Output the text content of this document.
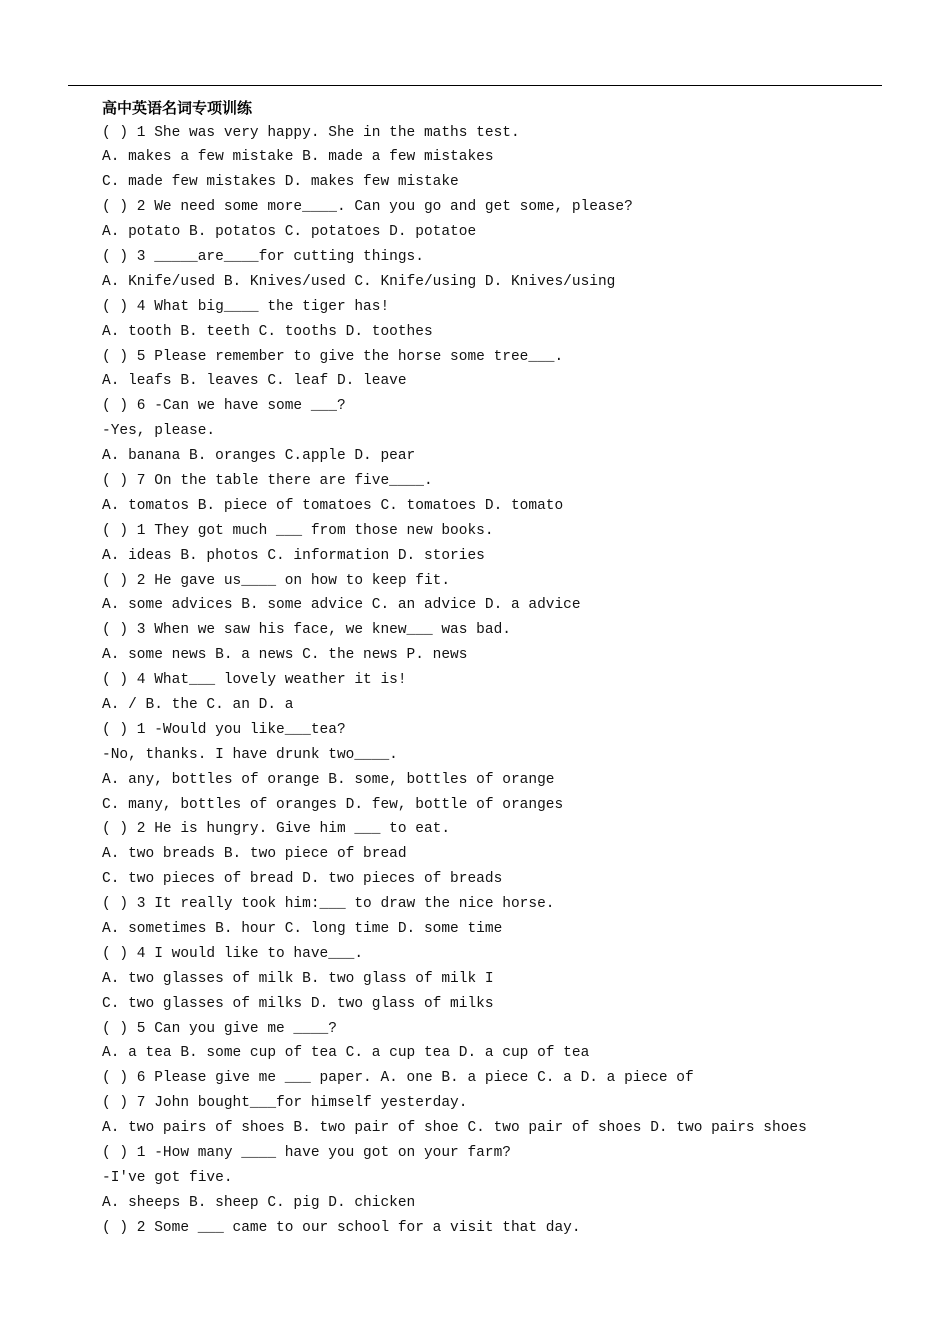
高中英语名词专项训练
( ) 1 She was very happy. She in the maths test.
A. makes a few mistake B. made a few mistakes
C. made few mistakes D. makes few mistake
( ) 2 We need some more____. Can you go and get some, please?
A. potato B. potatos C. potatoes D. potatoe
( ) 3 _____are____for cutting things.
A. Knife/used B. Knives/used C. Knife/using D. Knives/using
( ) 4 What big____ the tiger has!
A. tooth B. teeth C. tooths D. toothes
( ) 5 Please remember to give the horse some tree___.
A. leafs B. leaves C. leaf D. leave
( ) 6 -Can we have some ___?
-Yes, please.
A. banana B. oranges C.apple D. pear
( ) 7 On the table there are five____.
A. tomatos B. piece of tomatoes C. tomatoes D. tomato
( ) 1 They got much ___ from those new books.
A. ideas B. photos C. information D. stories
( ) 2 He gave us____ on how to keep fit.
A. some advices B. some advice C. an advice D. a advice
( ) 3 When we saw his face, we knew___ was bad.
A. some news B. a news C. the news P. news
( ) 4 What___ lovely weather it is!
A. / B. the C. an D. a
( ) 1 -Would you like___tea?
-No, thanks. I have drunk two____.
A. any, bottles of orange B. some, bottles of orange
C. many, bottles of oranges D. few, bottle of oranges
( ) 2 He is hungry. Give him ___ to eat.
A. two breads B. two piece of bread
C. two pieces of bread D. two pieces of breads
( ) 3 It really took him:___ to draw the nice horse.
A. sometimes B. hour C. long time D. some time
( ) 4 I would like to have___.
A. two glasses of milk B. two glass of milk I
C. two glasses of milks D. two glass of milks
( ) 5 Can you give me ____?
A. a tea B. some cup of tea C. a cup tea D. a cup of tea
( ) 6 Please give me ___ paper. A. one B. a piece C. a D. a piece of
( ) 7 John bought___for himself yesterday.
A. two pairs of shoes B. two pair of shoe C. two pair of shoes D. two pairs shoes
( ) 1 -How many ____ have you got on your farm?
-I've got five.
A. sheeps B. sheep C. pig D. chicken
( ) 2 Some ___ came to our school for a visit that day.
